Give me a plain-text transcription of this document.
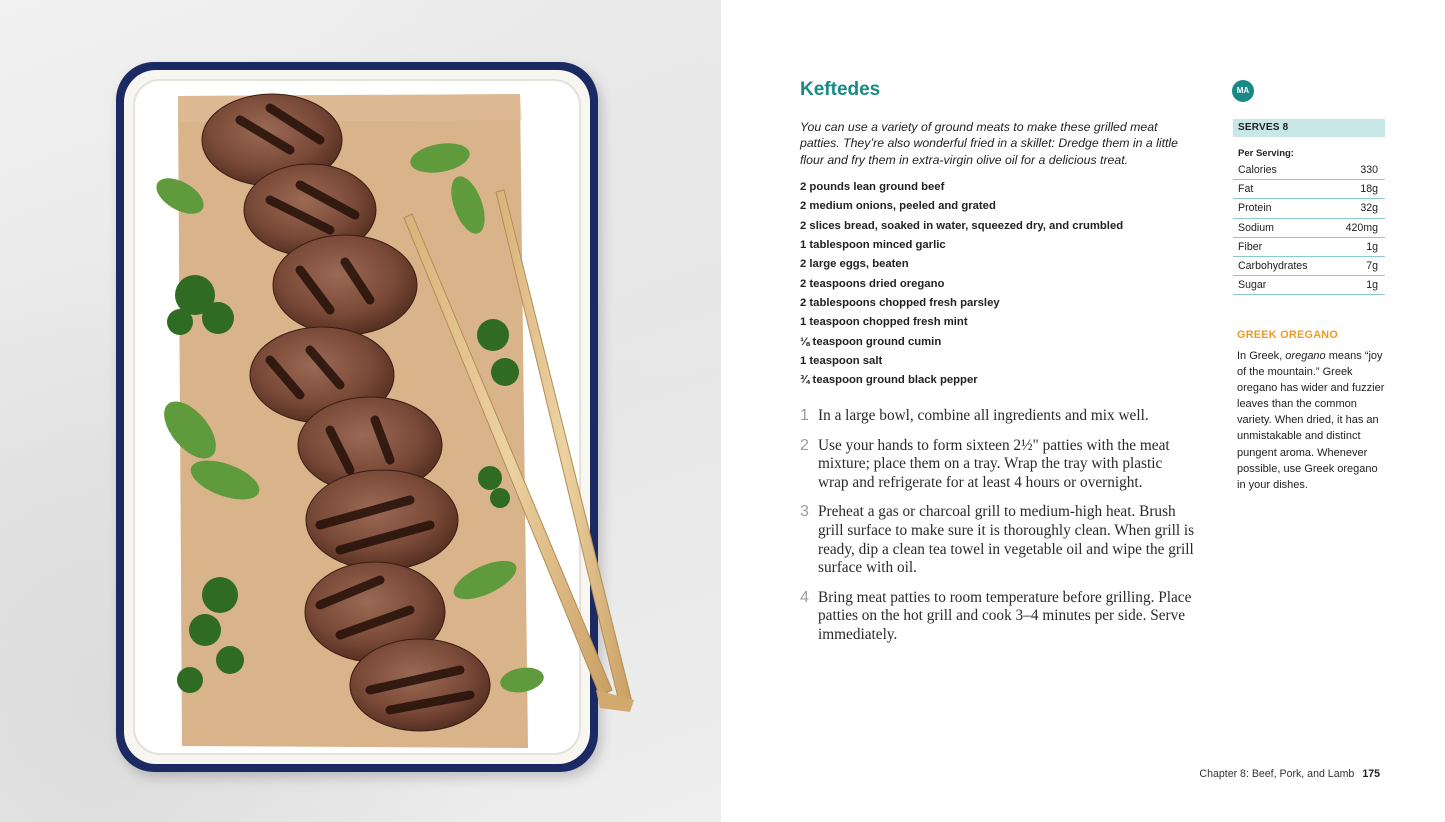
Keftedes	MA

You can use a variety of ground meats to make these grilled meat patties. They’re also wonderful fried in a skillet: Dredge them in a little flour and fry them in extra-virgin olive oil for a delicious treat.

2 pounds lean ground beef
2 medium onions, peeled and grated
2 slices bread, soaked in water, squeezed dry, and crumbled
1 tablespoon minced garlic
2 large eggs, beaten
2 teaspoons dried oregano
2 tablespoons chopped fresh parsley
1 teaspoon chopped fresh mint
⅛ teaspoon ground cumin
1 teaspoon salt
¾ teaspoon ground black pepper
1 In a large bowl, combine all ingredients and mix well.
2 Use your hands to form sixteen 2½" patties with the meat mixture; place them on a tray. Wrap the tray with plastic wrap and refrigerate for at least 4 hours or overnight.
3 Preheat a gas or charcoal grill to medium-high heat. Brush grill surface to make sure it is thoroughly clean. When grill is ready, dip a clean tea towel in vegetable oil and wipe the grill surface with oil.
4 Bring meat patties to room temperature before grilling. Place patties on the hot grill and cook 3–4 minutes per side. Serve immediately.
SERVES 8
Per Serving:
Calories	330
Fat	18g
Protein	32g
Sodium	420mg
Fiber	1g
Carbohydrates	7g
Sugar	1g
GREEK OREGANO

In Greek, oregano means “joy of the mountain.” Greek oregano has wider and fuzzier leaves than the common variety. When dried, it has an unmistakable and distinct pungent aroma. Whenever possible, use Greek oregano in your dishes.

Chapter 8: Beef, Pork, and Lamb 175
